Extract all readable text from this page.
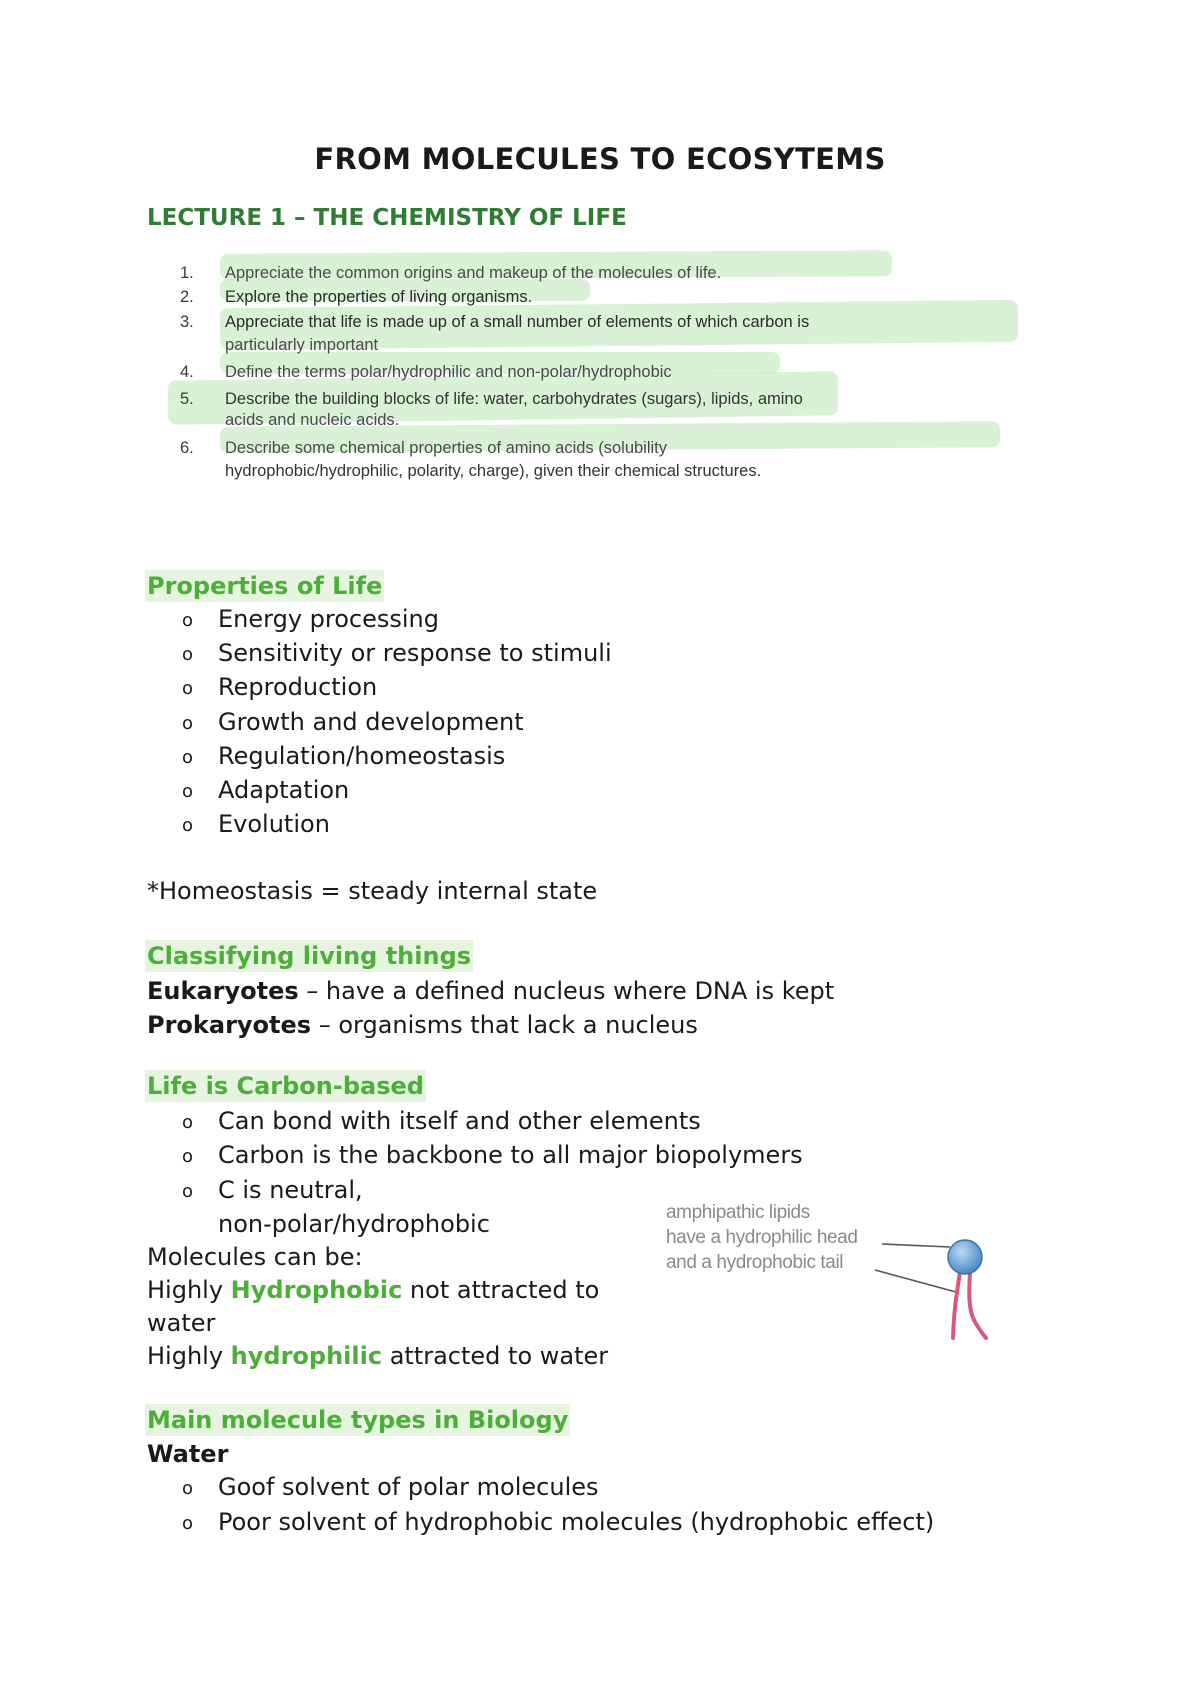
FROM MOLECULES TO ECOSYTEMS
LECTURE 1 – THE CHEMISTRY OF LIFE
1.	Appreciate the common origins and makeup of the molecules of life.
2.	Explore the properties of living organisms.
3.	Appreciate that life is made up of a small number of elements of which carbon is
particularly important
4.	Define the terms polar/hydrophilic and non-polar/hydrophobic
5.	Describe the building blocks of life: water, carbohydrates (sugars), lipids, amino
acids and nucleic acids.
6.	Describe some chemical properties of amino acids (solubility
hydrophobic/hydrophilic, polarity, charge), given their chemical structures.
Properties of Life
o Energy processing
o Sensitivity or response to stimuli
o Reproduction
o Growth and development
o Regulation/homeostasis
o Adaptation
o Evolution

*Homeostasis = steady internal state

Classifying living things

Eukaryotes – have a defined nucleus where DNA is kept

Prokaryotes – organisms that lack a nucleus

Life is Carbon-based
o Can bond with itself and other elements
o Carbon is the backbone to all major biopolymers
o C is neutral,
non-polar/hydrophobic

Molecules can be:

Highly Hydrophobic not attracted to

water

Highly hydrophilic attracted to water

amphipathic lipids
have a hydrophilic head
and a hydrophobic tail
Main molecule types in Biology

Water

o Goof solvent of polar molecules
o Poor solvent of hydrophobic molecules (hydrophobic effect)
